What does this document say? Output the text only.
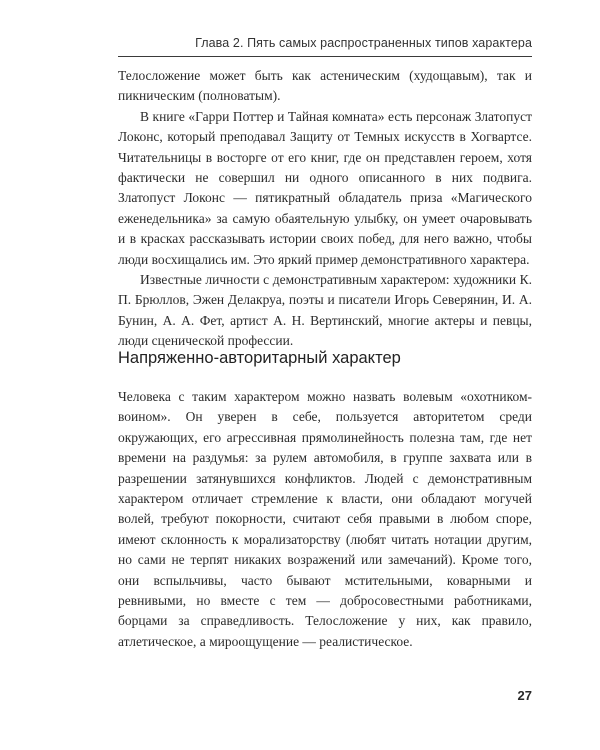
Глава 2. Пять самых распространенных типов характера

Телосложение может быть как астеническим (худощавым), так и пикническим (полноватым).

В книге «Гарри Поттер и Тайная комната» есть персонаж Златопуст Локонс, который преподавал Защиту от Темных искусств в Хогвартсе. Читательницы в восторге от его книг, где он представлен героем, хотя фактически не совершил ни одного описанного в них подвига. Златопуст Локонс — пятикратный обладатель приза «Магического еженедельника» за самую обаятельную улыбку, он умеет очаровывать и в красках рассказывать истории своих побед, для него важно, чтобы люди восхищались им. Это яркий пример демонстративного характера.

Известные личности с демонстративным характером: художники К. П. Брюллов, Эжен Делакруа, поэты и писатели Игорь Северянин, И. А. Бунин, А. А. Фет, артист А. Н. Вертинский, многие актеры и певцы, люди сценической профессии.

Напряженно-авторитарный характер

Человека с таким характером можно назвать волевым «охотником-воином». Он уверен в себе, пользуется авторитетом среди окружающих, его агрессивная прямолинейность полезна там, где нет времени на раздумья: за рулем автомобиля, в группе захвата или в разрешении затянувшихся конфликтов. Людей с демонстративным характером отличает стремление к власти, они обладают могучей волей, требуют покорности, считают себя правыми в любом споре, имеют склонность к морализаторству (любят читать нотации другим, но сами не терпят никаких возражений или замечаний). Кроме того, они вспыльчивы, часто бывают мстительными, коварными и ревнивыми, но вместе с тем — добросовестными работниками, борцами за справедливость. Телосложение у них, как правило, атлетическое, а мироощущение — реалистическое.

27
